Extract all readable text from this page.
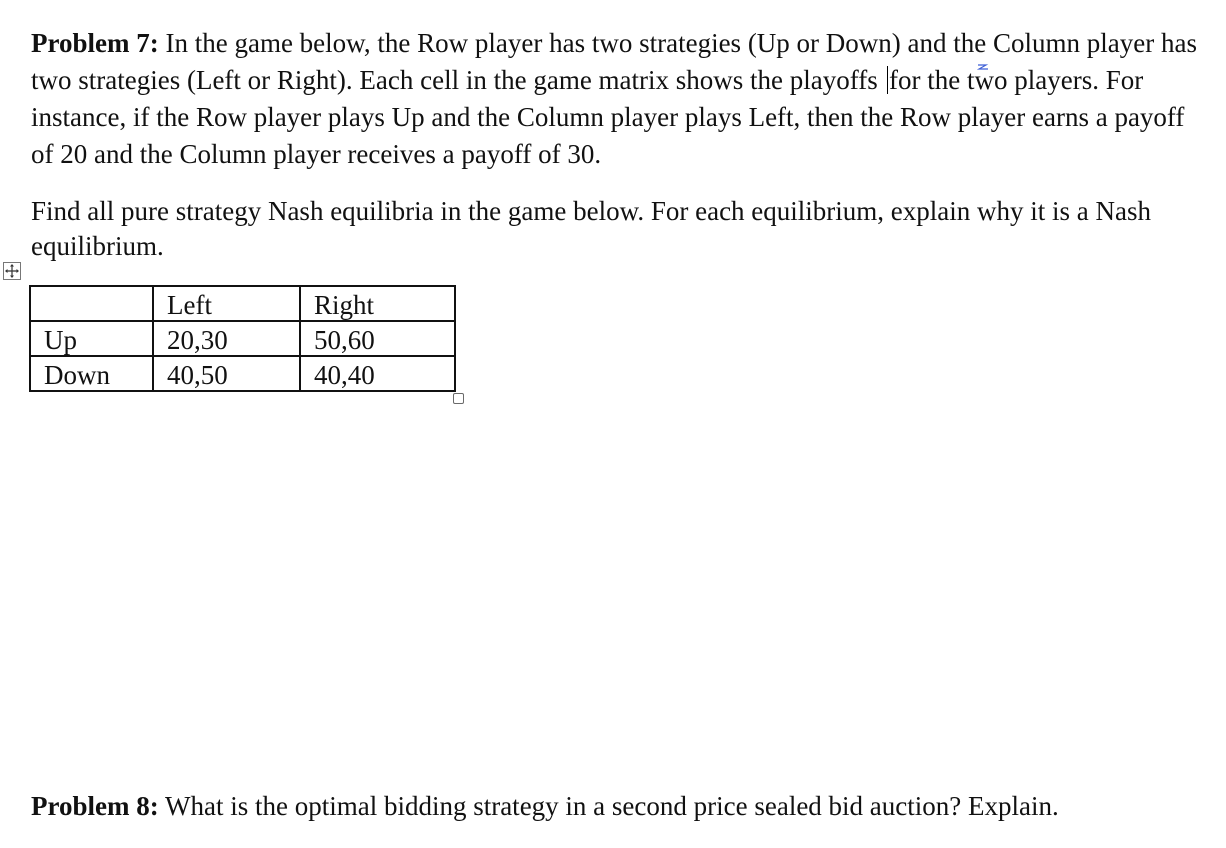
Problem 7: In the game below, the Row player has two strategies (Up or Down) and the Column player has two strategies (Left or Right). Each cell in the game matrix shows the playoffs for the two players. For instance, if the Row player plays Up and the Column player plays Left, then the Row player earns a payoff of 20 and the Column player receives a payoff of 30.

Find all pure strategy Nash equilibria in the game below. For each equilibrium, explain why it is a Nash equilibrium.

	Left	Right
Up	20,30	50,60
Down	40,50	40,40

Problem 8: What is the optimal bidding strategy in a second price sealed bid auction? Explain.
